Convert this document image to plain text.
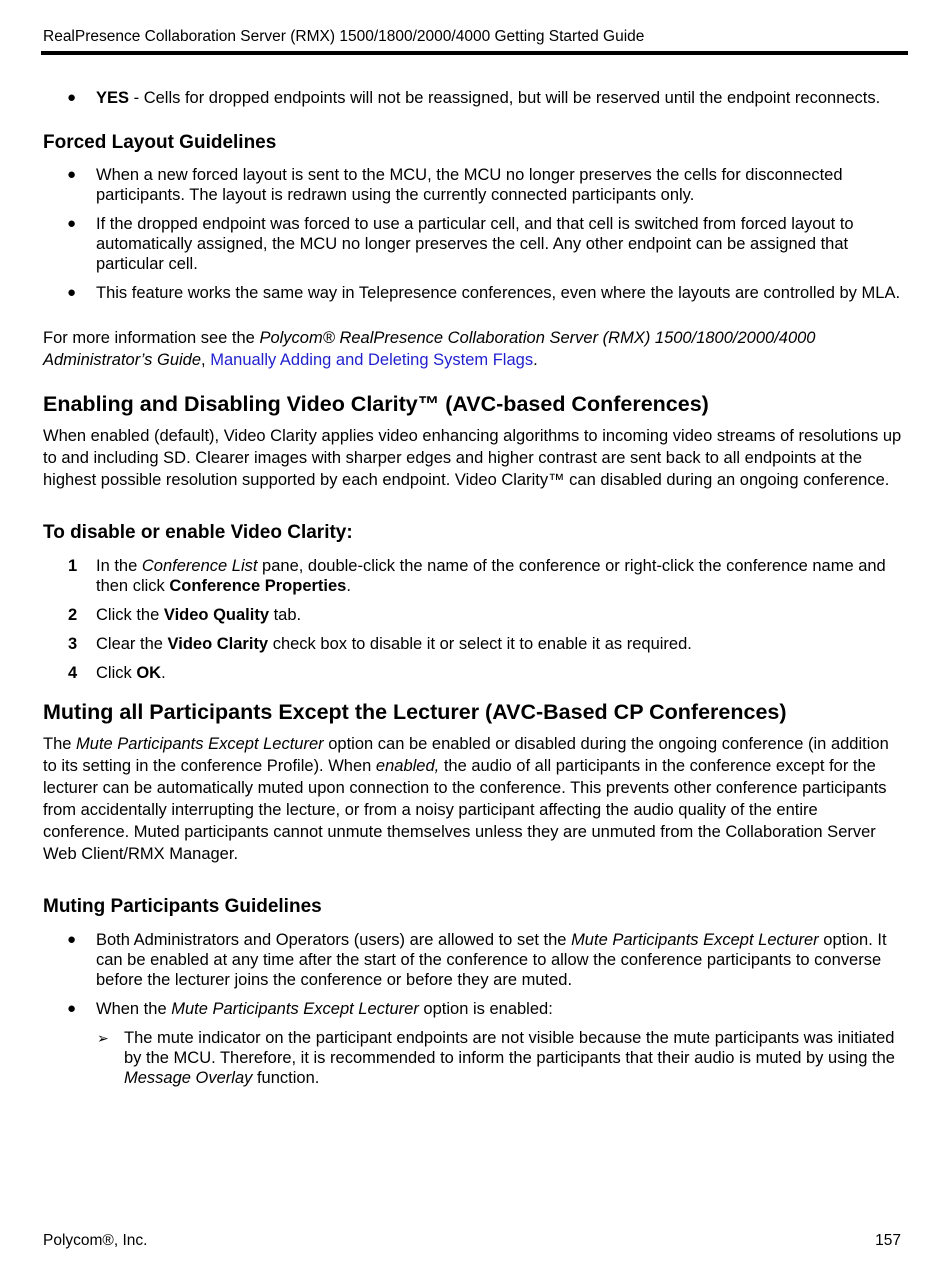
RealPresence Collaboration Server (RMX) 1500/1800/2000/4000 Getting Started Guide
● YES - Cells for dropped endpoints will not be reassigned, but will be reserved until the endpoint reconnects.
Forced Layout Guidelines
● When a new forced layout is sent to the MCU, the MCU no longer preserves the cells for disconnected participants. The layout is redrawn using the currently connected participants only.
● If the dropped endpoint was forced to use a particular cell, and that cell is switched from forced layout to automatically assigned, the MCU no longer preserves the cell. Any other endpoint can be assigned that particular cell.
● This feature works the same way in Telepresence conferences, even where the layouts are controlled by MLA.

For more information see the Polycom® RealPresence Collaboration Server (RMX) 1500/1800/2000/4000 Administrator’s Guide, Manually Adding and Deleting System Flags.

Enabling and Disabling Video Clarity™ (AVC-based Conferences)

When enabled (default), Video Clarity applies video enhancing algorithms to incoming video streams of resolutions up to and including SD. Clearer images with sharper edges and higher contrast are sent back to all endpoints at the highest possible resolution supported by each endpoint. Video Clarity™ can disabled during an ongoing conference.

To disable or enable Video Clarity:
1 In the Conference List pane, double-click the name of the conference or right-click the conference name and then click Conference Properties.
2 Click the Video Quality tab.
3 Clear the Video Clarity check box to disable it or select it to enable it as required.
4 Click OK.
Muting all Participants Except the Lecturer (AVC-Based CP Conferences)

The Mute Participants Except Lecturer option can be enabled or disabled during the ongoing conference (in addition to its setting in the conference Profile). When enabled, the audio of all participants in the conference except for the lecturer can be automatically muted upon connection to the conference. This prevents other conference participants from accidentally interrupting the lecture, or from a noisy participant affecting the audio quality of the entire conference. Muted participants cannot unmute themselves unless they are unmuted from the Collaboration Server Web Client/RMX Manager.

Muting Participants Guidelines
● Both Administrators and Operators (users) are allowed to set the Mute Participants Except Lecturer option. It can be enabled at any time after the start of the conference to allow the conference participants to converse before the lecturer joins the conference or before they are muted.
● When the Mute Participants Except Lecturer option is enabled:
➢ The mute indicator on the participant endpoints are not visible because the mute participants was initiated by the MCU. Therefore, it is recommended to inform the participants that their audio is muted by using the Message Overlay function.
Polycom®, Inc.	157
